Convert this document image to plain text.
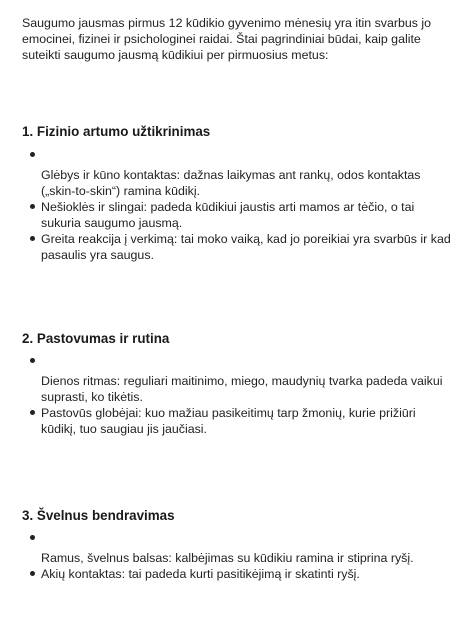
Saugumo jausmas pirmus 12 kūdikio gyvenimo mėnesių yra itin svarbus jo emocinei, fizinei ir psichologinei raidai. Štai pagrindiniai būdai, kaip galite suteikti saugumo jausmą kūdikiui per pirmuosius metus:

1. Fizinio artumo užtikrinimas
Glėbys ir kūno kontaktas: dažnas laikymas ant rankų, odos kontaktas („skin-to-skin“) ramina kūdikį.
Nešioklės ir slingai: padeda kūdikiui jaustis arti mamos ar tėčio, o tai sukuria saugumo jausmą.
Greita reakcija į verkimą: tai moko vaiką, kad jo poreikiai yra svarbūs ir kad pasaulis yra saugus.
2. Pastovumas ir rutina
Dienos ritmas: reguliari maitinimo, miego, maudynių tvarka padeda vaikui suprasti, ko tikėtis.
Pastovūs globėjai: kuo mažiau pasikeitimų tarp žmonių, kurie prižiūri kūdikį, tuo saugiau jis jaučiasi.
3. Švelnus bendravimas
Ramus, švelnus balsas: kalbėjimas su kūdikiu ramina ir stiprina ryšį.
Akių kontaktas: tai padeda kurti pasitikėjimą ir skatinti ryšį.
